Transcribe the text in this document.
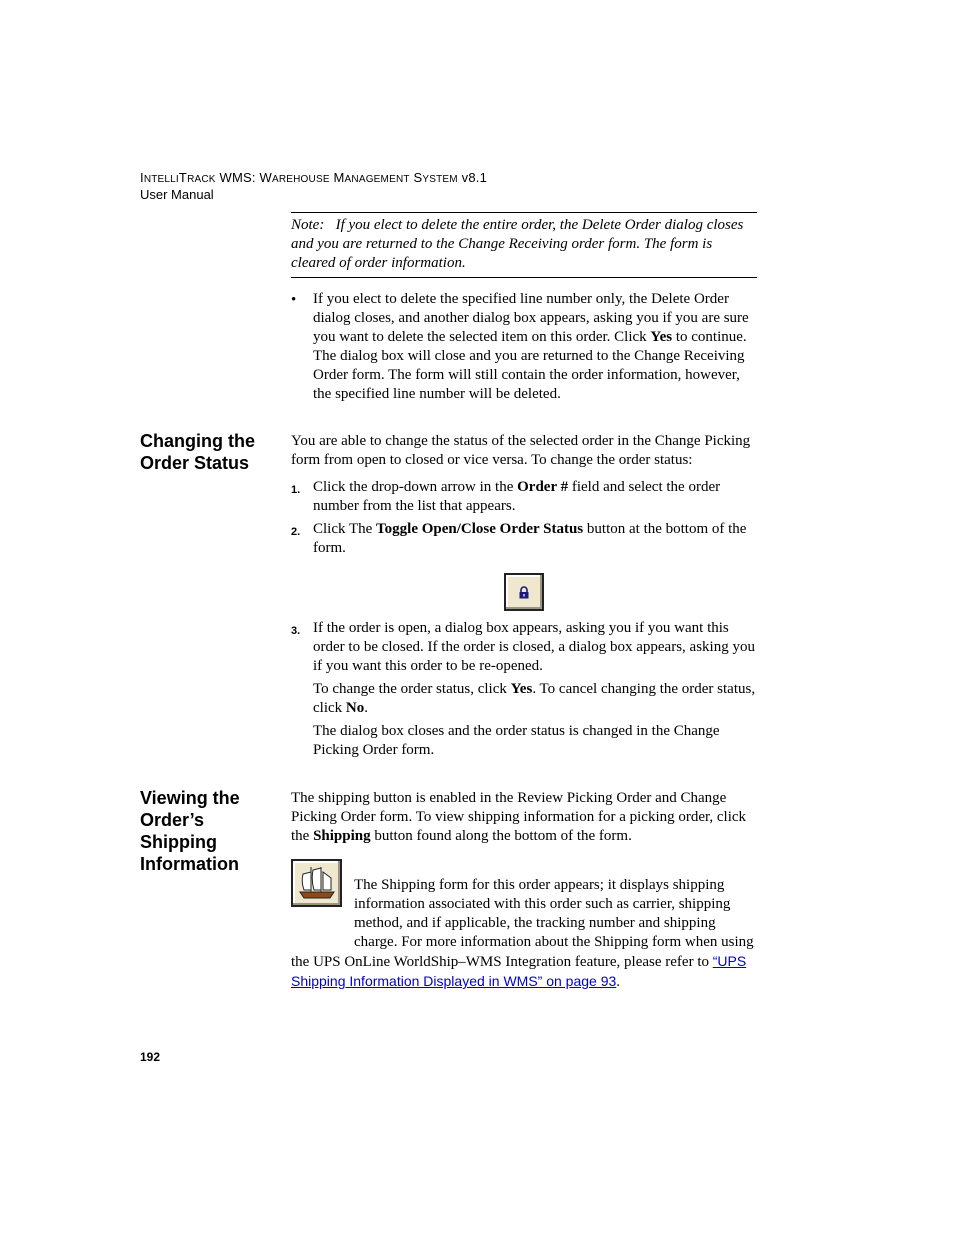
INTELLITRACK WMS: WAREHOUSE MANAGEMENT SYSTEM v8.1
User Manual
Note: If you elect to delete the entire order, the Delete Order dialog closes and you are returned to the Change Receiving order form. The form is cleared of order information.
• If you elect to delete the specified line number only, the Delete Order dialog closes, and another dialog box appears, asking you if you are sure you want to delete the selected item on this order. Click Yes to continue. The dialog box will close and you are returned to the Change Receiving Order form. The form will still contain the order information, however, the specified line number will be deleted.
Changing the Order Status
You are able to change the status of the selected order in the Change Picking form from open to closed or vice versa. To change the order status:
1. Click the drop-down arrow in the Order # field and select the order number from the list that appears.
2. Click The Toggle Open/Close Order Status button at the bottom of the form.
3. If the order is open, a dialog box appears, asking you if you want this order to be closed. If the order is closed, a dialog box appears, asking you if you want this order to be re-opened.
To change the order status, click Yes. To cancel changing the order status, click No.
The dialog box closes and the order status is changed in the Change Picking Order form.
Viewing the Order’s Shipping Information
The shipping button is enabled in the Review Picking Order and Change Picking Order form. To view shipping information for a picking order, click the Shipping button found along the bottom of the form.
The Shipping form for this order appears; it displays shipping information associated with this order such as carrier, shipping method, and if applicable, the tracking number and shipping charge. For more information about the Shipping form when using the UPS OnLine WorldShip–WMS Integration feature, please refer to “UPS Shipping Information Displayed in WMS” on page 93.
192
